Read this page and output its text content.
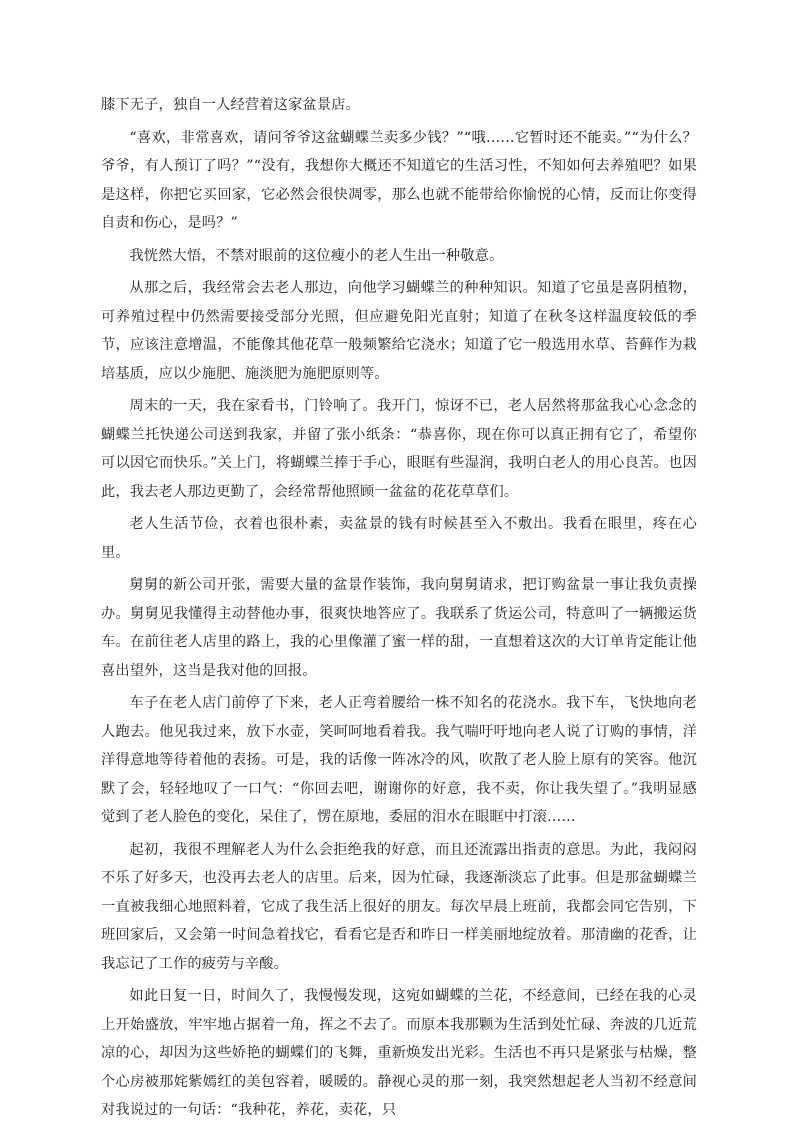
膝下无子，独自一人经营着这家盆景店。

“喜欢，非常喜欢，请问爷爷这盆蝴蝶兰卖多少钱？”“哦……它暂时还不能卖。”“为什么？爷爷，有人预订了吗？”“没有，我想你大概还不知道它的生活习性，不知如何去养殖吧？如果是这样，你把它买回家，它必然会很快凋零，那么也就不能带给你愉悦的心情，反而让你变得自责和伤心，是吗？”

我恍然大悟，不禁对眼前的这位瘦小的老人生出一种敬意。

从那之后，我经常会去老人那边，向他学习蝴蝶兰的种种知识。知道了它虽是喜阴植物，可养殖过程中仍然需要接受部分光照，但应避免阳光直射；知道了在秋冬这样温度较低的季节，应该注意增温，不能像其他花草一般频繁给它浇水；知道了它一般选用水草、苔藓作为栽培基质，应以少施肥、施淡肥为施肥原则等。

周末的一天，我在家看书，门铃响了。我开门，惊讶不已，老人居然将那盆我心心念念的蝴蝶兰托快递公司送到我家，并留了张小纸条：“恭喜你，现在你可以真正拥有它了，希望你可以因它而快乐。”关上门，将蝴蝶兰捧于手心，眼眶有些湿润，我明白老人的用心良苦。也因此，我去老人那边更勤了，会经常帮他照顾一盆盆的花花草草们。

老人生活节俭，衣着也很朴素，卖盆景的钱有时候甚至入不敷出。我看在眼里，疼在心里。

舅舅的新公司开张，需要大量的盆景作装饰，我向舅舅请求，把订购盆景一事让我负责操办。舅舅见我懂得主动替他办事，很爽快地答应了。我联系了货运公司，特意叫了一辆搬运货车。在前往老人店里的路上，我的心里像灌了蜜一样的甜，一直想着这次的大订单肯定能让他喜出望外，这当是我对他的回报。

车子在老人店门前停了下来，老人正弯着腰给一株不知名的花浇水。我下车，飞快地向老人跑去。他见我过来，放下水壶，笑呵呵地看着我。我气喘吁吁地向老人说了订购的事情，洋洋得意地等待着他的表扬。可是，我的话像一阵冰冷的风，吹散了老人脸上原有的笑容。他沉默了会，轻轻地叹了一口气：“你回去吧，谢谢你的好意，我不卖，你让我失望了。”我明显感觉到了老人脸色的变化，呆住了，愣在原地，委屈的泪水在眼眶中打滚……

起初，我很不理解老人为什么会拒绝我的好意，而且还流露出指责的意思。为此，我闷闷不乐了好多天，也没再去老人的店里。后来，因为忙碌，我逐渐淡忘了此事。但是那盆蝴蝶兰一直被我细心地照料着，它成了我生活上很好的朋友。每次早晨上班前，我都会同它告别，下班回家后，又会第一时间急着找它，看看它是否和昨日一样美丽地绽放着。那清幽的花香，让我忘记了工作的疲劳与辛酸。

如此日复一日，时间久了，我慢慢发现，这宛如蝴蝶的兰花，不经意间，已经在我的心灵上开始盛放，牢牢地占据着一角，挥之不去了。而原本我那颗为生活到处忙碌、奔波的几近荒凉的心，却因为这些娇艳的蝴蝶们的飞舞，重新焕发出光彩。生活也不再只是紧张与枯燥，整个心房被那姹紫嫣红的美包容着，暖暖的。静视心灵的那一刻，我突然想起老人当初不经意间对我说过的一句话：“我种花，养花，卖花，只
